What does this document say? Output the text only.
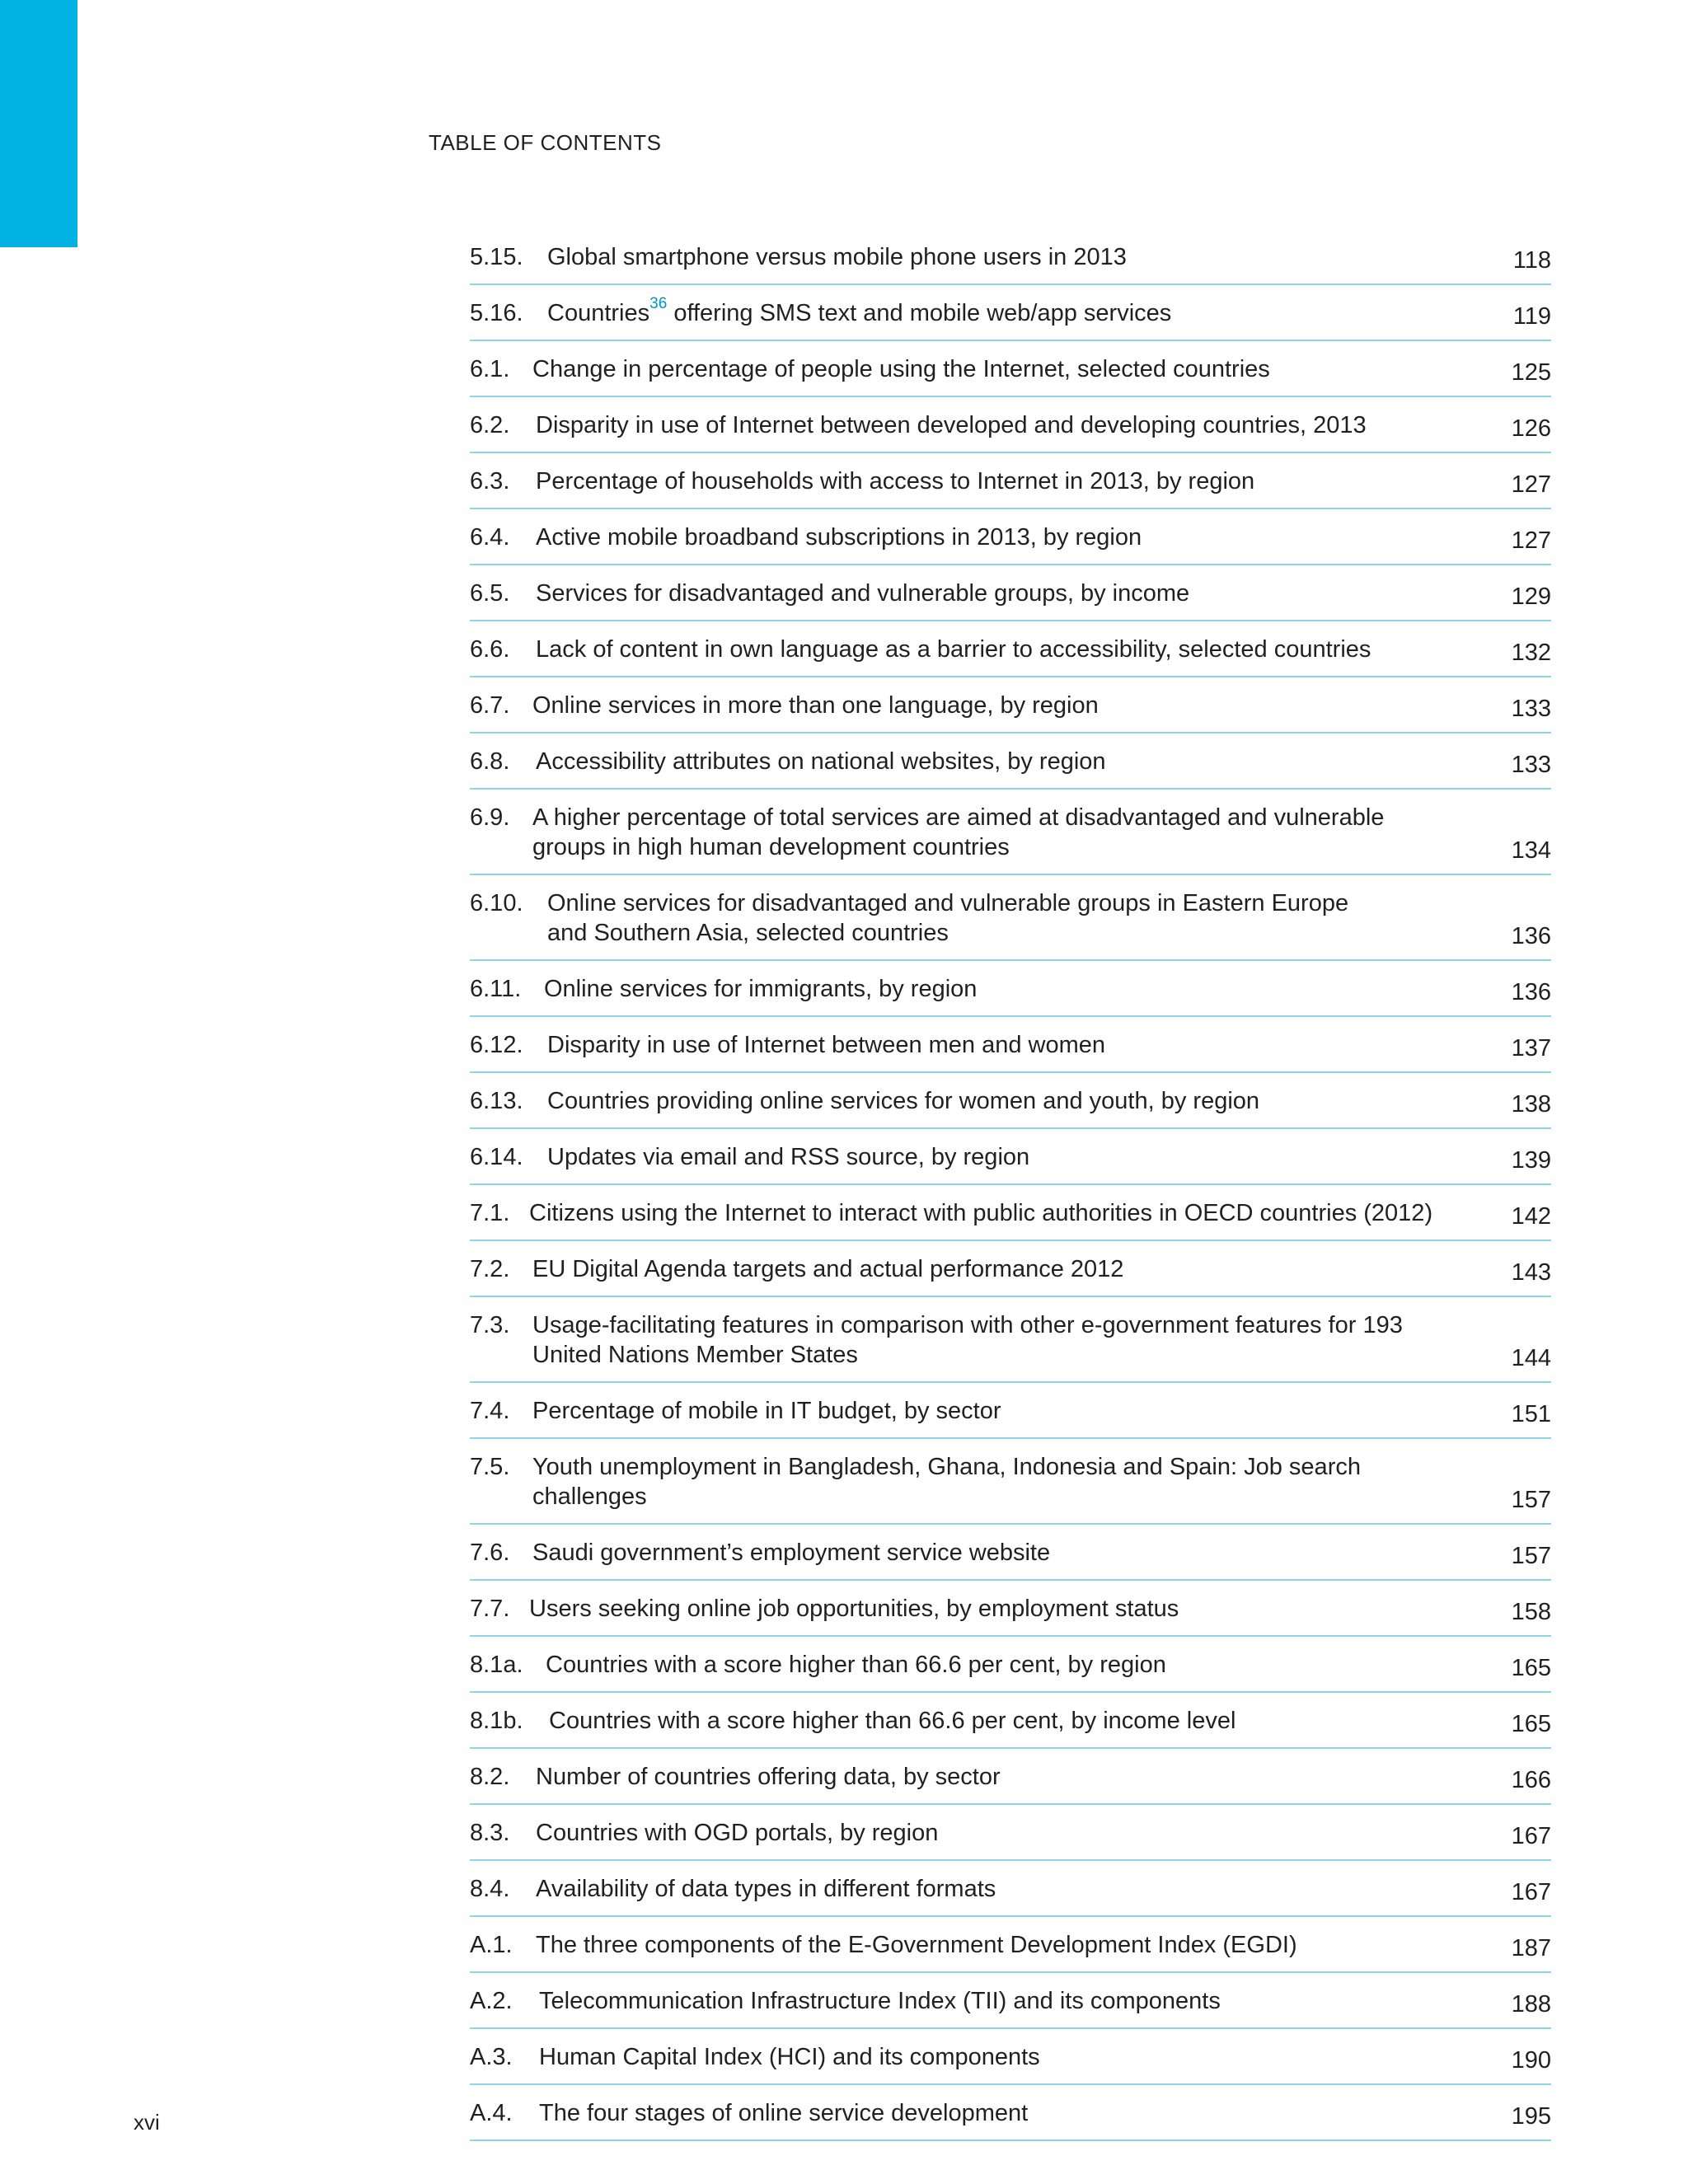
TABLE OF CONTENTS
5.15. Global smartphone versus mobile phone users in 2013	118
5.16. Countries$^{36}$ offering SMS text and mobile web/app services	119
6.1. Change in percentage of people using the Internet, selected countries	125
6.2. Disparity in use of Internet between developed and developing countries, 2013	126
6.3. Percentage of households with access to Internet in 2013, by region	127
6.4. Active mobile broadband subscriptions in 2013, by region	127
6.5. Services for disadvantaged and vulnerable groups, by income	129
6.6. Lack of content in own language as a barrier to accessibility, selected countries	132
6.7. Online services in more than one language, by region	133
6.8. Accessibility attributes on national websites, by region	133
6.9. A higher percentage of total services are aimed at disadvantaged and vulnerable
groups in high human development countries	134
6.10. Online services for disadvantaged and vulnerable groups in Eastern Europe
and Southern Asia, selected countries	136
6.11. Online services for immigrants, by region	136
6.12. Disparity in use of Internet between men and women	137
6.13. Countries providing online services for women and youth, by region	138
6.14. Updates via email and RSS source, by region	139
7.1. Citizens using the Internet to interact with public authorities in OECD countries (2012)	142
7.2. EU Digital Agenda targets and actual performance 2012	143
7.3. Usage-facilitating features in comparison with other e-government features for 193
United Nations Member States	144
7.4. Percentage of mobile in IT budget, by sector	151
7.5. Youth unemployment in Bangladesh, Ghana, Indonesia and Spain: Job search
challenges	157
7.6. Saudi government’s employment service website	157
7.7. Users seeking online job opportunities, by employment status	158
8.1a. Countries with a score higher than 66.6 per cent, by region	165
8.1b. Countries with a score higher than 66.6 per cent, by income level	165
8.2. Number of countries offering data, by sector	166
8.3. Countries with OGD portals, by region	167
8.4. Availability of data types in different formats	167
A.1. The three components of the E-Government Development Index (EGDI)	187
A.2. Telecommunication Infrastructure Index (TII) and its components	188
A.3. Human Capital Index (HCI) and its components	190
A.4. The four stages of online service development	195
xvi
